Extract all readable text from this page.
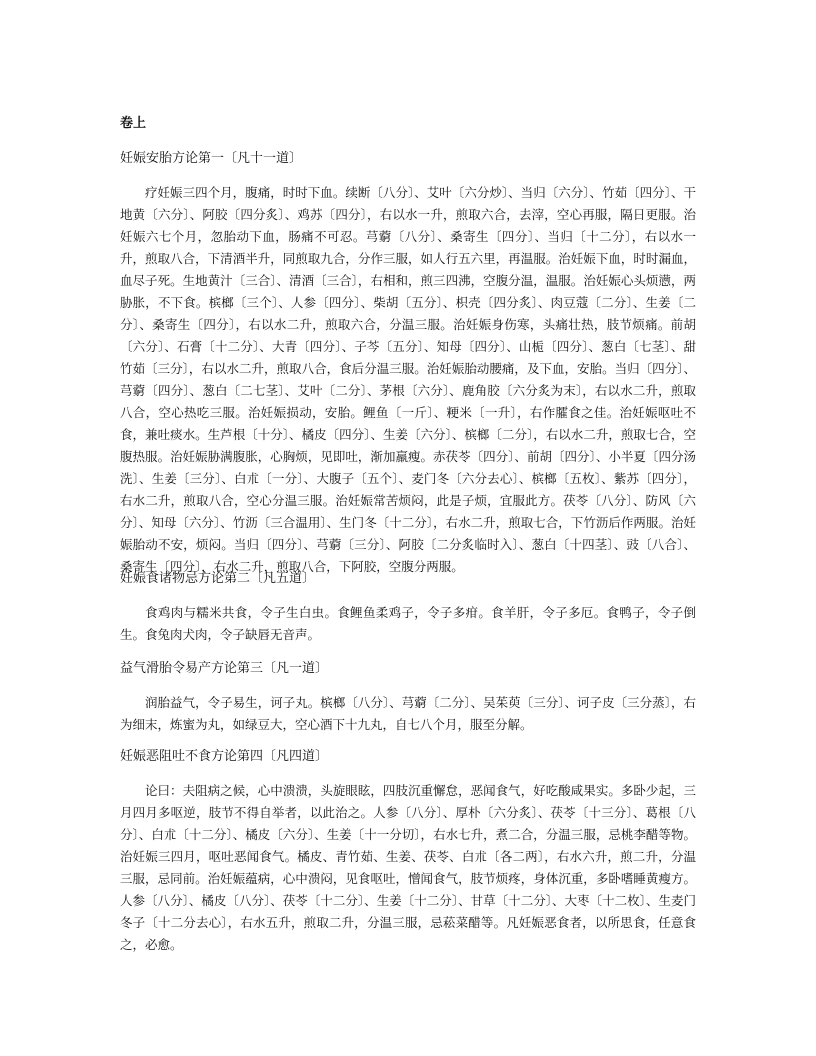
卷上
妊娠安胎方论第一〔凡十一道〕

疗妊娠三四个月，腹痛，时时下血。续断〔八分〕、艾叶〔六分炒〕、当归〔六分〕、竹茹〔四分〕、干地黄〔六分〕、阿胶〔四分炙〕、鸡苏〔四分〕，右以水一升，煎取六合，去滓，空心再服，隔日更服。治妊娠六七个月，忽胎动下血，肠痛不可忍。芎藭〔八分〕、桑寄生〔四分〕、当归〔十二分〕，右以水一升，煎取八合，下清酒半升，同煎取九合，分作三服，如人行五六里，再温服。治妊娠下血，时时漏血，血尽子死。生地黄汁〔三合〕、清酒〔三合〕，右相和，煎三四沸，空腹分温，温服。治妊娠心头烦懑，两胁胀，不下食。槟榔〔三个〕、人参〔四分〕、柴胡〔五分〕、枳壳〔四分炙〕、肉豆蔻〔二分〕、生姜〔二分〕、桑寄生〔四分〕，右以水二升，煎取六合，分温三服。治妊娠身伤寒，头痛壮热，肢节烦痛。前胡〔六分〕、石膏〔十二分〕、大青〔四分〕、子芩〔五分〕、知母〔四分〕、山栀〔四分〕、葱白〔七茎〕、甜竹茹〔三分〕，右以水二升，煎取八合，食后分温三服。治妊娠胎动腰痛，及下血，安胎。当归〔四分〕、芎藭〔四分〕、葱白〔二七茎〕、艾叶〔二分〕、茅根〔六分〕、鹿角胶〔六分炙为末〕，右以水二升，煎取八合，空心热吃三服。治妊娠损动，安胎。鲤鱼〔一斤〕、粳米〔一升〕，右作臛食之佳。治妊娠呕吐不食，兼吐痰水。生芦根〔十分〕、橘皮〔四分〕、生姜〔六分〕、槟榔〔二分〕，右以水二升，煎取七合，空腹热服。治妊娠胁满腹胀，心胸烦，见即吐，渐加羸瘦。赤茯苓〔四分〕、前胡〔四分〕、小半夏〔四分汤洗〕、生姜〔三分〕、白朮〔一分〕、大腹子〔五个〕、麦门冬〔六分去心〕、槟榔〔五枚〕、紫苏〔四分〕，右水二升，煎取八合，空心分温三服。治妊娠常苦烦闷，此是子烦，宜服此方。茯苓〔八分〕、防风〔六分〕、知母〔六分〕、竹沥〔三合温用〕、生门冬〔十二分〕，右水二升，煎取七合，下竹沥后作两服。治妊娠胎动不安，烦闷。当归〔四分〕、芎藭〔三分〕、阿胶〔二分炙临时入〕、葱白〔十四茎〕、豉〔八合〕、桑寄生〔四分〕，右水二升，煎取八合，下阿胶，空腹分两服。

妊娠食诸物忌方论第二〔凡五道〕

食鸡肉与糯米共食，令子生白虫。食鲤鱼柔鸡子，令子多疳。食羊肝，令子多厄。食鸭子，令子倒生。食兔肉犬肉，令子缺唇无音声。

益气滑胎令易产方论第三〔凡一道〕

润胎益气，令子易生，诃子丸。槟榔〔八分〕、芎藭〔二分〕、吴茱萸〔三分〕、诃子皮〔三分蒸〕，右为细末，炼蜜为丸，如绿豆大，空心酒下十九丸，自七八个月，服至分解。

妊娠恶阻吐不食方论第四〔凡四道〕

论曰：夫阻病之候，心中溃溃，头旋眼眩，四肢沉重懈怠，恶闻食气，好吃酸咸果实。多卧少起，三月四月多呕逆，肢节不得自举者，以此治之。人参〔八分〕、厚朴〔六分炙〕、茯苓〔十三分〕、葛根〔八分〕、白朮〔十二分〕、橘皮〔六分〕、生姜〔十一分切〕，右水七升，煮二合，分温三服，忌桃李醋等物。治妊娠三四月，呕吐恶闻食气。橘皮、青竹茹、生姜、茯苓、白朮〔各二两〕，右水六升，煎二升，分温三服，忌同前。治妊娠蕴病，心中溃闷，见食呕吐，憎闻食气，肢节烦疼，身体沉重，多卧嗜睡黄瘦方。人参〔八分〕、橘皮〔八分〕、茯苓〔十二分〕、生姜〔十二分〕、甘草〔十二分〕、大枣〔十二枚〕、生麦门冬子〔十二分去心〕，右水五升，煎取二升，分温三服，忌菘菜醋等。凡妊娠恶食者，以所思食，任意食之，必愈。
